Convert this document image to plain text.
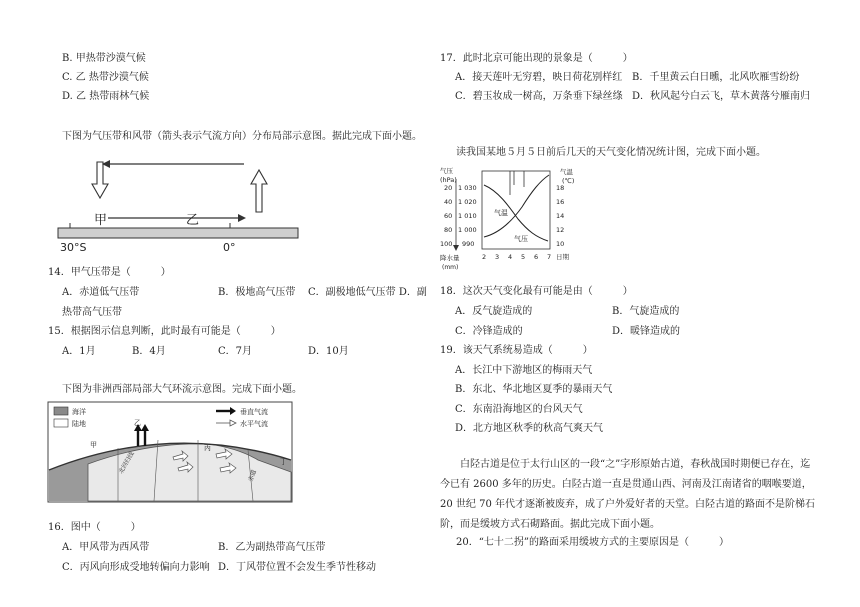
B. 甲热带沙漠气候
C. 乙 热带沙漠气候
D. 乙 热带雨林气候
下图为气压带和风带（箭头表示气流方向）分布局部示意图。据此完成下面小题。
甲	乙
30°S	0°
14．甲气压带是（　　　）
A．赤道低气压带	B．极地高气压带 C．副极地低气压带 D．副
热带高气压带
15．根据图示信息判断，此时最有可能是（　　　）
A．1月	B．4月	C．7月	D．10月
下图为非洲西部局部大气环流示意图。完成下面小题。
海洋
陆地
垂直气流
水平气流
北回归线
赤道
乙
甲	丙
丁
16．图中（　　　）
A．甲风带为西风带	B．乙为副热带高气压带
C．丙风向形成受地转偏向力影响 D．丁风带位置不会发生季节性移动
17．此时北京可能出现的景象是（　　　）
A．接天莲叶无穷碧，映日荷花别样红 B．千里黄云白日曛，北风吹雁雪纷纷
C．碧玉妆成一树高，万条垂下绿丝绦 D．秋风起兮白云飞，草木黄落兮雁南归
读我国某地５月５日前后几天的天气变化情况统计图，完成下面小题。
气压
(hPa)
降水量
(mm)
气温
(℃)
20
40
60
80
100
1 030
1 020
1 010
1 000
990
18
16
14
12
10
气温
气压
2 3 4 5 6 7 日期
18．这次天气变化最有可能是由（　　　）
A．反气旋造成的	B．气旋造成的
C．冷锋造成的	D．暖锋造成的
19．该天气系统易造成（　　　）
A．长江中下游地区的梅雨天气
B．东北、华北地区夏季的暴雨天气
C．东南沿海地区的台风天气
D．北方地区秋季的秋高气爽天气
白陉古道是位于太行山区的一段“之”字形原始古道，春秋战国时期便已存在，迄今已有 2600 多年的历史。白陉古道一直是贯通山西、河南及江南诸省的咽喉要道，20 世纪 70 年代才逐渐被废弃，成了户外爱好者的天堂。白陉古道的路面不是阶梯石阶，而是缓坡方式石砌路面。据此完成下面小题。
20．“七十二拐”的路面采用缓坡方式的主要原因是（　　　）
